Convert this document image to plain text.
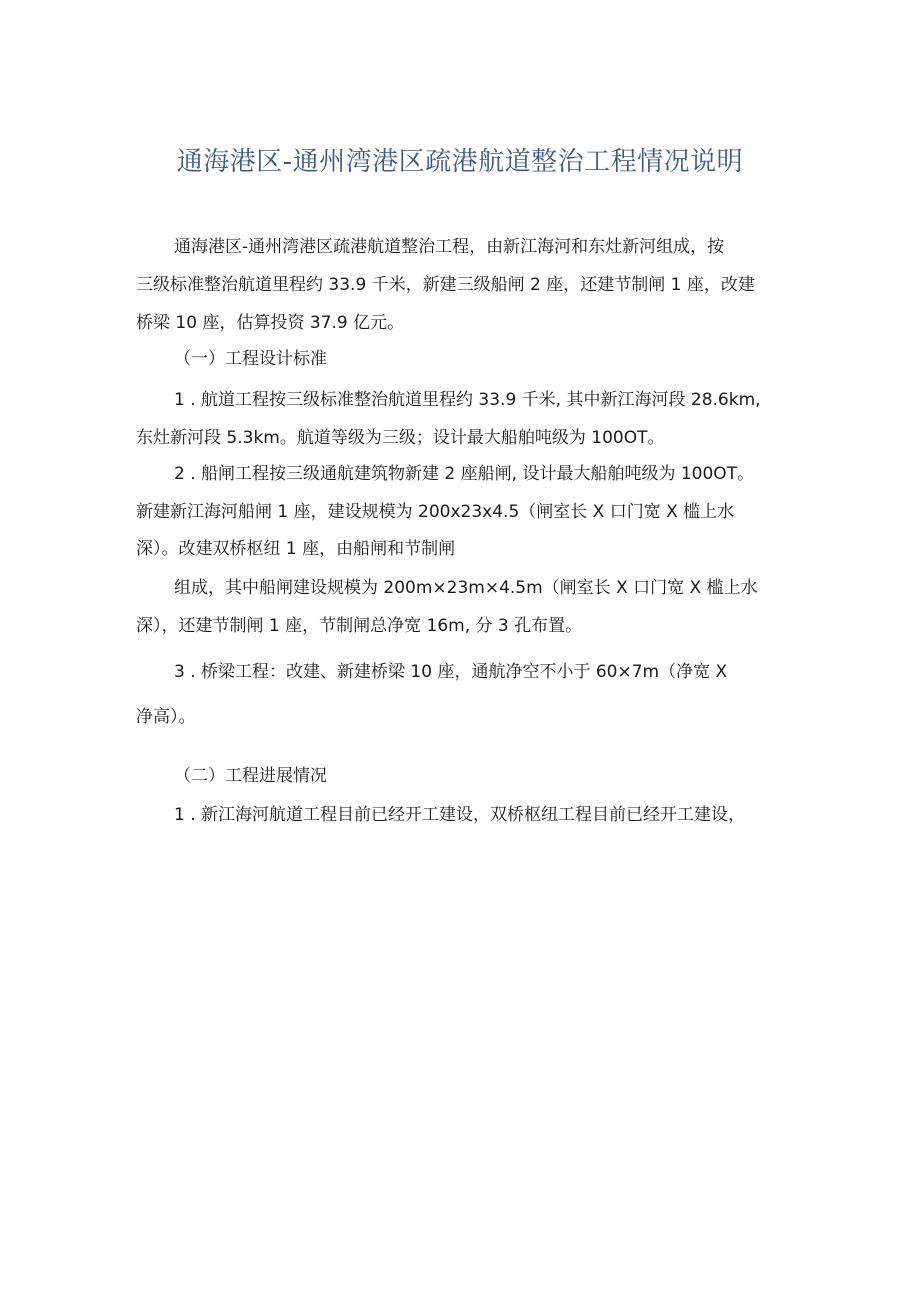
通海港区-通州湾港区疏港航道整治工程情况说明
通海港区-通州湾港区疏港航道整治工程，由新江海河和东灶新河组成，按
三级标准整治航道里程约 33.9 千米，新建三级船闸 2 座，还建节制闸 1 座，改建
桥梁 10 座，估算投资 37.9 亿元。
（一）工程设计标准
1 . 航道工程按三级标准整治航道里程约 33.9 千米, 其中新江海河段 28.6km,
东灶新河段 5.3km。航道等级为三级；设计最大船舶吨级为 100OT。
2 . 船闸工程按三级通航建筑物新建 2 座船闸, 设计最大船舶吨级为 100OT。
新建新江海河船闸 1 座，建设规模为 200x23x4.5（闸室长 X 口门宽 X 槛上水
深）。改建双桥枢纽 1 座，由船闸和节制闸
组成，其中船闸建设规模为 200m×23m×4.5m（闸室长 X 口门宽 X 槛上水
深），还建节制闸 1 座，节制闸总净宽 16m, 分 3 孔布置。
3 . 桥梁工程：改建、新建桥梁 10 座，通航净空不小于 60×7m（净宽 X
净高）。
（二）工程进展情况
1 . 新江海河航道工程目前已经开工建设，双桥枢纽工程目前已经开工建设，
